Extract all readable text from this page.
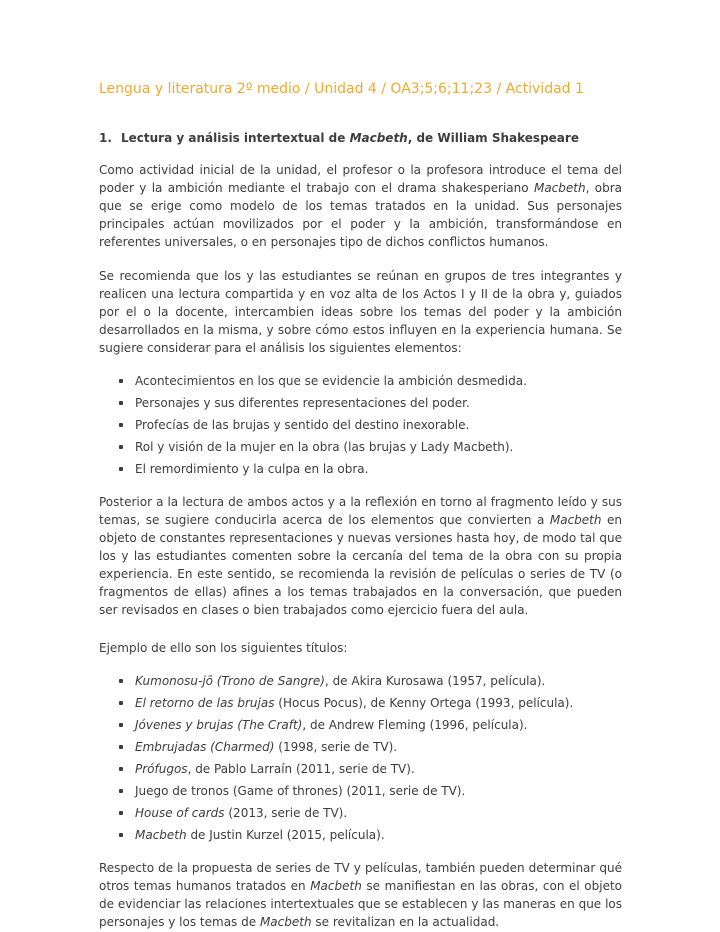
Lengua y literatura 2º medio / Unidad 4 / OA3;5;6;11;23 / Actividad 1

1. Lectura y análisis intertextual de Macbeth, de William Shakespeare

Como actividad inicial de la unidad, el profesor o la profesora introduce el tema del poder y la ambición mediante el trabajo con el drama shakesperiano Macbeth, obra que se erige como modelo de los temas tratados en la unidad. Sus personajes principales actúan movilizados por el poder y la ambición, transformándose en referentes universales, o en personajes tipo de dichos conflictos humanos.

Se recomienda que los y las estudiantes se reúnan en grupos de tres integrantes y realicen una lectura compartida y en voz alta de los Actos I y II de la obra y, guiados por el o la docente, intercambien ideas sobre los temas del poder y la ambición desarrollados en la misma, y sobre cómo estos influyen en la experiencia humana. Se sugiere considerar para el análisis los siguientes elementos:

Acontecimientos en los que se evidencie la ambición desmedida.
Personajes y sus diferentes representaciones del poder.
Profecías de las brujas y sentido del destino inexorable.
Rol y visión de la mujer en la obra (las brujas y Lady Macbeth).
El remordimiento y la culpa en la obra.

Posterior a la lectura de ambos actos y a la reflexión en torno al fragmento leído y sus temas, se sugiere conducirla acerca de los elementos que convierten a Macbeth en objeto de constantes representaciones y nuevas versiones hasta hoy, de modo tal que los y las estudiantes comenten sobre la cercanía del tema de la obra con su propia experiencia. En este sentido, se recomienda la revisión de películas o series de TV (o fragmentos de ellas) afines a los temas trabajados en la conversación, que pueden ser revisados en clases o bien trabajados como ejercicio fuera del aula.

Ejemplo de ello son los siguientes títulos:

Kumonosu-jō (Trono de Sangre), de Akira Kurosawa (1957, película).
El retorno de las brujas (Hocus Pocus), de Kenny Ortega (1993, película).
Jóvenes y brujas (The Craft), de Andrew Fleming (1996, película).
Embrujadas (Charmed) (1998, serie de TV).
Prófugos, de Pablo Larraín (2011, serie de TV).
Juego de tronos (Game of thrones) (2011, serie de TV).
House of cards (2013, serie de TV).
Macbeth de Justin Kurzel (2015, película).

Respecto de la propuesta de series de TV y películas, también pueden determinar qué otros temas humanos tratados en Macbeth se manifiestan en las obras, con el objeto de evidenciar las relaciones intertextuales que se establecen y las maneras en que los personajes y los temas de Macbeth se revitalizan en la actualidad.
